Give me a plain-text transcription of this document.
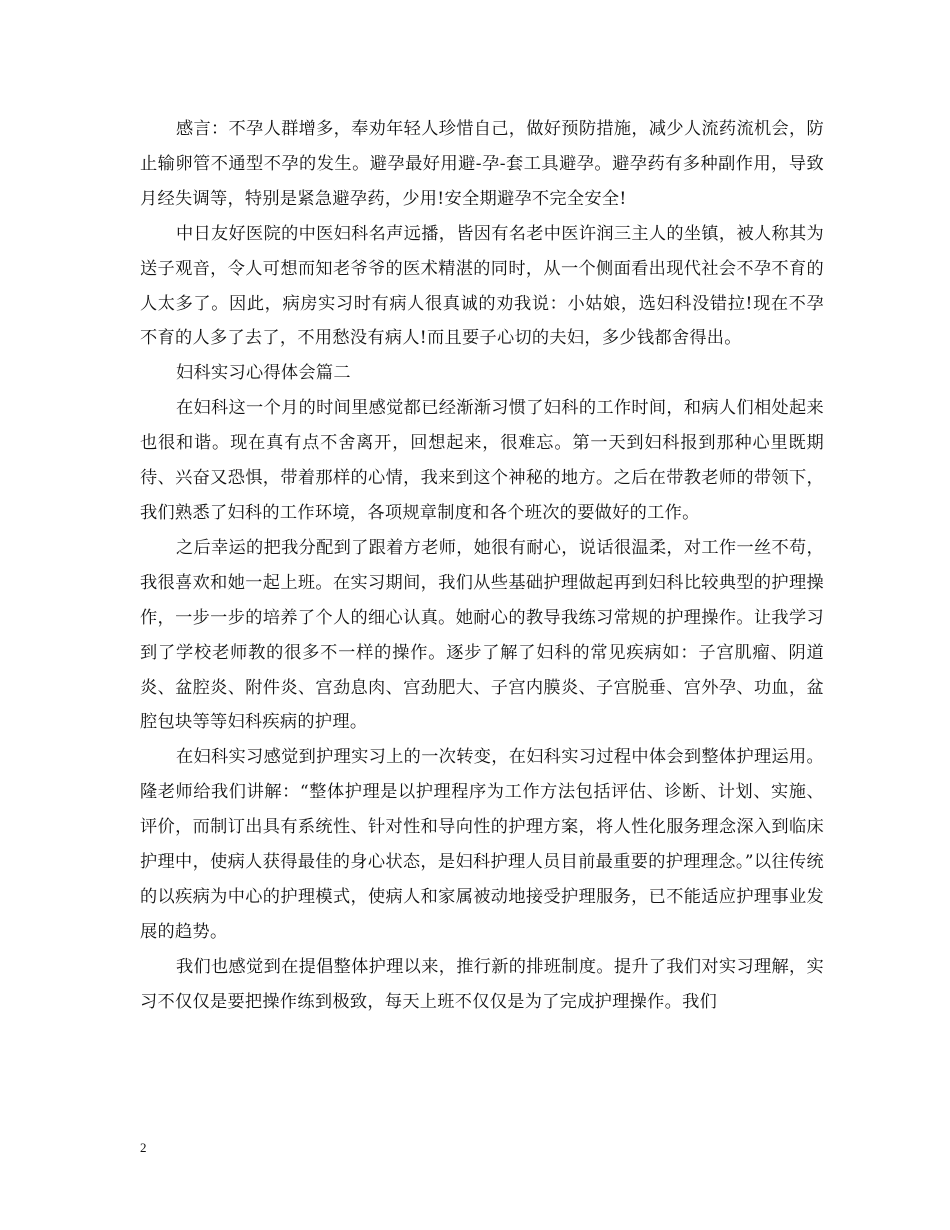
感言：不孕人群增多，奉劝年轻人珍惜自己，做好预防措施，减少人流药流机会，防止输卵管不通型不孕的发生。避孕最好用避-孕-套工具避孕。避孕药有多种副作用，导致月经失调等，特别是紧急避孕药，少用!安全期避孕不完全安全!

中日友好医院的中医妇科名声远播，皆因有名老中医许润三主人的坐镇，被人称其为送子观音，令人可想而知老爷爷的医术精湛的同时，从一个侧面看出现代社会不孕不育的人太多了。因此，病房实习时有病人很真诚的劝我说：小姑娘，选妇科没错拉!现在不孕不育的人多了去了，不用愁没有病人!而且要子心切的夫妇，多少钱都舍得出。

妇科实习心得体会篇二

在妇科这一个月的时间里感觉都已经渐渐习惯了妇科的工作时间，和病人们相处起来也很和谐。现在真有点不舍离开，回想起来，很难忘。第一天到妇科报到那种心里既期待、兴奋又恐惧，带着那样的心情，我来到这个神秘的地方。之后在带教老师的带领下，我们熟悉了妇科的工作环境，各项规章制度和各个班次的要做好的工作。

之后幸运的把我分配到了跟着方老师，她很有耐心，说话很温柔，对工作一丝不苟，我很喜欢和她一起上班。在实习期间，我们从些基础护理做起再到妇科比较典型的护理操作，一步一步的培养了个人的细心认真。她耐心的教导我练习常规的护理操作。让我学习到了学校老师教的很多不一样的操作。逐步了解了妇科的常见疾病如：子宫肌瘤、阴道炎、盆腔炎、附件炎、宫劲息肉、宫劲肥大、子宫内膜炎、子宫脱垂、宫外孕、功血，盆腔包块等等妇科疾病的护理。

在妇科实习感觉到护理实习上的一次转变，在妇科实习过程中体会到整体护理运用。隆老师给我们讲解：“整体护理是以护理程序为工作方法包括评估、诊断、计划、实施、评价，而制订出具有系统性、针对性和导向性的护理方案，将人性化服务理念深入到临床护理中，使病人获得最佳的身心状态，是妇科护理人员目前最重要的护理理念。”以往传统的以疾病为中心的护理模式，使病人和家属被动地接受护理服务，已不能适应护理事业发展的趋势。

我们也感觉到在提倡整体护理以来，推行新的排班制度。提升了我们对实习理解，实习不仅仅是要把操作练到极致，每天上班不仅仅是为了完成护理操作。我们

2
